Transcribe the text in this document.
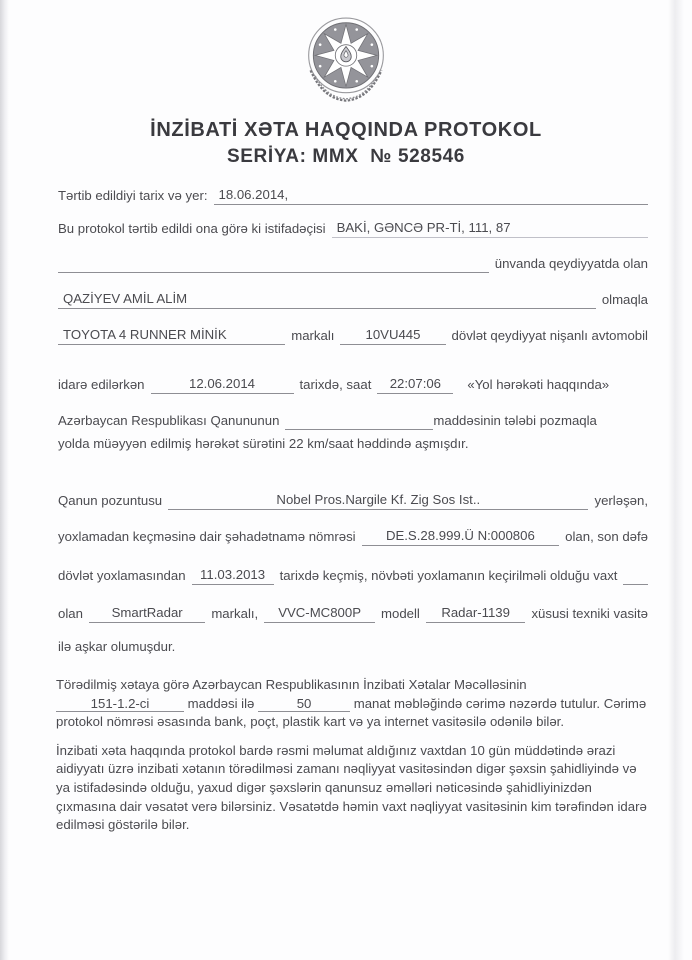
İNZİBATİ XƏTA HAQQINDA PROTOKOL
SERİYA: MMX  № 528546
Tərtib edildiyi tarix və yer: 18.06.2014,
Bu protokol tərtib edildi ona görə ki istifadəçisi BAKİ, GƏNCƏ PR-Tİ, 111, 87
ünvanda qeydiyyatda olan
QAZİYEV AMİL ALİM	olmaqla
TOYOTA 4 RUNNER MİNİK	markalı	10VU445	dövlət qeydiyyat nişanlı avtomobil
idarə edilərkən	12.06.2014	tarixdə, saat	22:07:06	«Yol hərəkəti haqqında»
Azərbaycan Respublikası Qanununun	maddəsinin tələbi pozmaqla
yolda müəyyən edilmiş hərəkət sürətini 22 km/saat həddində aşmışdır.
Qanun pozuntusu	Nobel Pros.Nargile Kf. Zig Sos Ist..	yerləşən,
yoxlamadan keçməsinə dair şəhadətnamə nömrəsi	DE.S.28.999.Ü N:000806	olan, son dəfə
dövlət yoxlamasından	11.03.2013	tarixdə keçmiş, növbəti yoxlamanın keçirilməli olduğu vaxt
olan	SmartRadar	markalı,	VVC-MC800P	modell	Radar-1139	xüsusi texniki vasitə
ilə aşkar olumuşdur.
Törədilmiş xətaya görə Azərbaycan Respublikasının İnzibati Xətalar Məcəlləsinin 151-1.2-ci	maddəsi ilə	50	manat məbləğində cərimə nəzərdə tutulur. Cərimə protokol nömrəsi əsasında bank, poçt, plastik kart və ya internet vasitəsilə odənilə bilər.
İnzibati xəta haqqında protokol bardə rəsmi məlumat aldığınız vaxtdan 10 gün müddətində ərazi aidiyyatı üzrə inzibati xətanın törədilməsi zamanı nəqliyyat vasitəsindən digər şəxsin şahidliyində və ya istifadəsində olduğu, yaxud digər şəxslərin qanunsuz əməlləri nəticəsində şahidliyinizdən çıxmasına dair vəsatət verə bilərsiniz. Vəsatətdə həmin vaxt nəqliyyat vasitəsinin kim tərəfindən idarə edilməsi göstərilə bilər.
